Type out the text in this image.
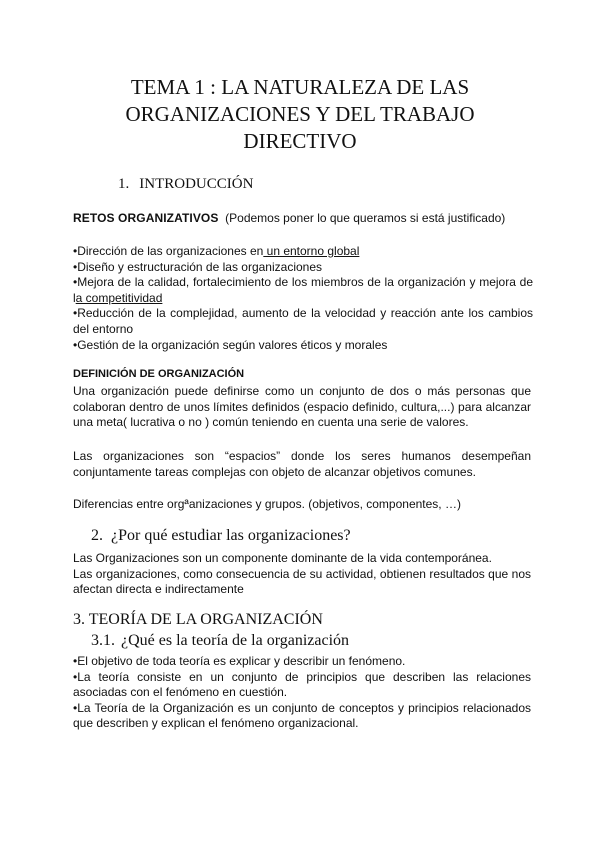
TEMA 1 : LA NATURALEZA DE LAS
ORGANIZACIONES Y DEL TRABAJO
DIRECTIVO
1. INTRODUCCIÓN
RETOS ORGANIZATIVOS (Podemos poner lo que queramos si está justificado)

•Dirección de las organizaciones en un entorno global

•Diseño y estructuración de las organizaciones

•Mejora de la calidad, fortalecimiento de los miembros de la organización y mejora de la competitividad

•Reducción de la complejidad, aumento de la velocidad y reacción ante los cambios del entorno

•Gestión de la organización según valores éticos y morales

DEFINICIÓN DE ORGANIZACIÓN

Una organización puede definirse como un conjunto de dos o más personas que colaboran dentro de unos límites definidos (espacio definido, cultura,...) para alcanzar una meta( lucrativa o no ) común teniendo en cuenta una serie de valores.

Las organizaciones son “espacios” donde los seres humanos desempeñan conjuntamente tareas complejas con objeto de alcanzar objetivos comunes.

Diferencias entre orgªanizaciones y grupos. (objetivos, componentes, …)

2. ¿Por qué estudiar las organizaciones?

Las Organizaciones son un componente dominante de la vida contemporánea.

Las organizaciones, como consecuencia de su actividad, obtienen resultados que nos afectan directa e indirectamente

3. TEORÍA DE LA ORGANIZACIÓN
3.1. ¿Qué es la teoría de la organización

•El objetivo de toda teoría es explicar y describir un fenómeno.

•La teoría consiste en un conjunto de principios que describen las relaciones asociadas con el fenómeno en cuestión.

•La Teoría de la Organización es un conjunto de conceptos y principios relacionados que describen y explican el fenómeno organizacional.
